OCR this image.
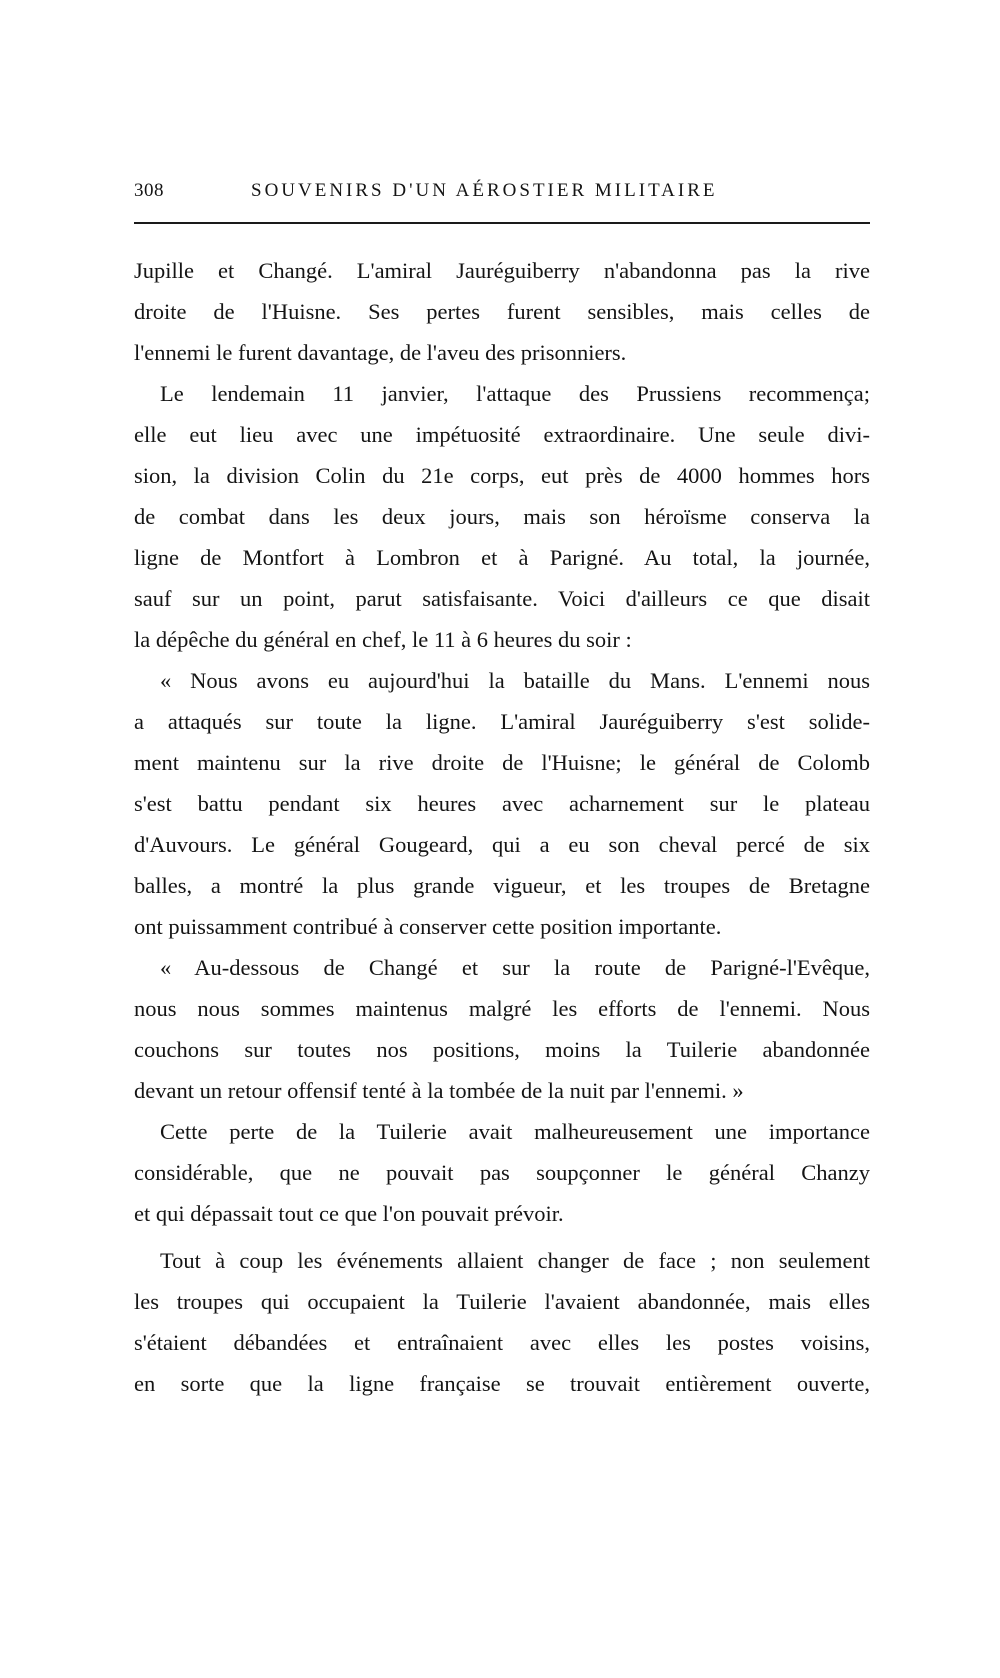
308	SOUVENIRS D'UN AÉROSTIER MILITAIRE
Jupille et Changé. L'amiral Jauréguiberry n'abandonna pas la rive
droite de l'Huisne. Ses pertes furent sensibles, mais celles de
l'ennemi le furent davantage, de l'aveu des prisonniers.
Le lendemain 11 janvier, l'attaque des Prussiens recommença;
elle eut lieu avec une impétuosité extraordinaire. Une seule divi-
sion, la division Colin du 21e corps, eut près de 4000 hommes hors
de combat dans les deux jours, mais son héroïsme conserva la
ligne de Montfort à Lombron et à Parigné. Au total, la journée,
sauf sur un point, parut satisfaisante. Voici d'ailleurs ce que disait
la dépêche du général en chef, le 11 à 6 heures du soir :
« Nous avons eu aujourd'hui la bataille du Mans. L'ennemi nous
a attaqués sur toute la ligne. L'amiral Jauréguiberry s'est solide-
ment maintenu sur la rive droite de l'Huisne; le général de Colomb
s'est battu pendant six heures avec acharnement sur le plateau
d'Auvours. Le général Gougeard, qui a eu son cheval percé de six
balles, a montré la plus grande vigueur, et les troupes de Bretagne
ont puissamment contribué à conserver cette position importante.
« Au-dessous de Changé et sur la route de Parigné-l'Evêque,
nous nous sommes maintenus malgré les efforts de l'ennemi. Nous
couchons sur toutes nos positions, moins la Tuilerie abandonnée
devant un retour offensif tenté à la tombée de la nuit par l'ennemi. »
Cette perte de la Tuilerie avait malheureusement une importance
considérable, que ne pouvait pas soupçonner le général Chanzy
et qui dépassait tout ce que l'on pouvait prévoir.
Tout à coup les événements allaient changer de face ; non seulement
les troupes qui occupaient la Tuilerie l'avaient abandonnée, mais elles
s'étaient débandées et entraînaient avec elles les postes voisins,
en sorte que la ligne française se trouvait entièrement ouverte,
